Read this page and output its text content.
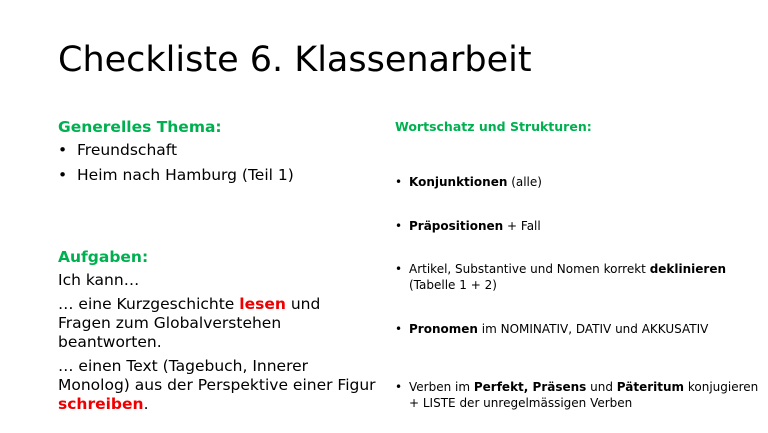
Checkliste 6. Klassenarbeit
Generelles Thema:
• Freundschaft
• Heim nach Hamburg (Teil 1)
Aufgaben:
Ich kann…
… eine Kurzgeschichte lesen und Fragen zum Globalverstehen beantworten.
… einen Text (Tagebuch, Innerer Monolog) aus der Perspektive einer Figur schreiben.
Wortschatz und Strukturen:
• Konjunktionen (alle)
• Präpositionen + Fall
• Artikel, Substantive und Nomen korrekt deklinieren (Tabelle 1 + 2)
• Pronomen im NOMINATIV, DATIV und AKKUSATIV
• Verben im Perfekt, Präsens und Päteritum konjugieren + LISTE der unregelmässigen Verben
